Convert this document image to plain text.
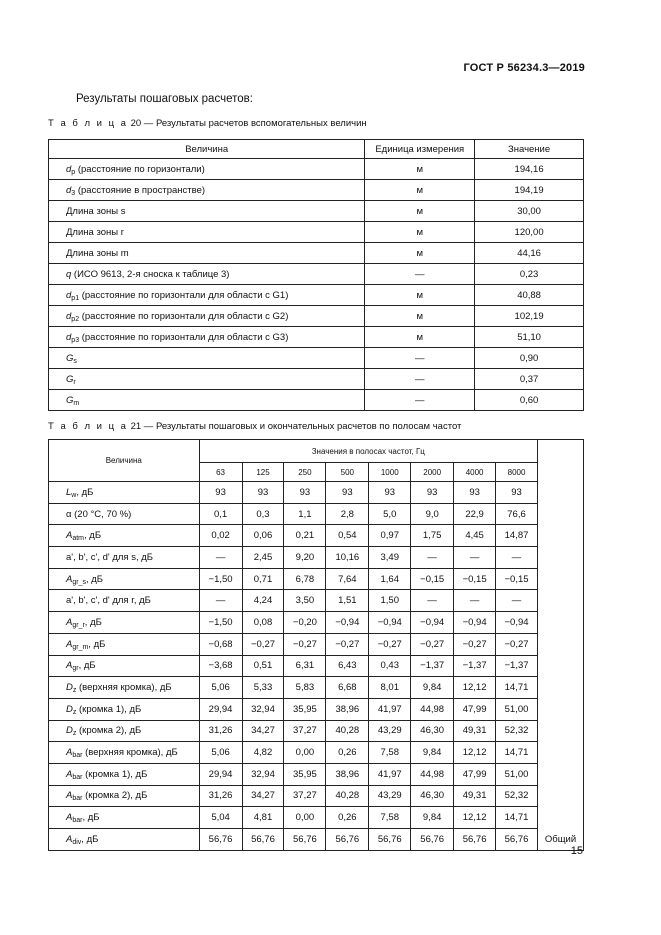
ГОСТ Р 56234.3—2019
Результаты пошаговых расчетов:
Т а б л и ц а 20 — Результаты расчетов вспомогательных величин
Величина	Единица измерения	Значение
$d_p$ (расстояние по горизонтали)	м	194,16
$d_3$ (расстояние в пространстве)	м	194,19
Длина зоны s	м	30,00
Длина зоны r	м	120,00
Длина зоны m	м	44,16
q (ИСО 9613, 2-я сноска к таблице 3)	—	0,23
$d_{p1}$ (расстояние по горизонтали для области с G1)	м	40,88
$d_{p2}$ (расстояние по горизонтали для области с G2)	м	102,19
$d_{p3}$ (расстояние по горизонтали для области с G3)	м	51,10
$G_s$	—	0,90
$G_r$	—	0,37
$G_m$	—	0,60
Т а б л и ц а 21 — Результаты пошаговых и окончательных расчетов по полосам частот
Величина	Значения в полосах частот, Гц								
	63	125	250	500	1000	2000	4000	8000	
$L_w$, дБ	93	93	93	93	93	93	93	93	
α (20 °С, 70 %)	0,1	0,3	1,1	2,8	5,0	9,0	22,9	76,6	
$A_{atm}$, дБ	0,02	0,06	0,21	0,54	0,97	1,75	4,45	14,87	
a', b', c', d' для s, дБ	—	2,45	9,20	10,16	3,49	—	—	—	
$A_{gr\_s}$, дБ	−1,50	0,71	6,78	7,64	1,64	−0,15	−0,15	−0,15	
a', b', c', d' для r, дБ	—	4,24	3,50	1,51	1,50	—	—	—	
$A_{gr\_r}$, дБ	−1,50	0,08	−0,20	−0,94	−0,94	−0,94	−0,94	−0,94	
$A_{gr\_m}$, дБ	−0,68	−0,27	−0,27	−0,27	−0,27	−0,27	−0,27	−0,27	
$A_{gr}$, дБ	−3,68	0,51	6,31	6,43	0,43	−1,37	−1,37	−1,37	
$D_z$ (верхняя кромка), дБ	5,06	5,33	5,83	6,68	8,01	9,84	12,12	14,71	
$D_z$ (кромка 1), дБ	29,94	32,94	35,95	38,96	41,97	44,98	47,99	51,00	
$D_z$ (кромка 2), дБ	31,26	34,27	37,27	40,28	43,29	46,30	49,31	52,32	
$A_{bar}$ (верхняя кромка), дБ	5,06	4,82	0,00	0,26	7,58	9,84	12,12	14,71	
$A_{bar}$ (кромка 1), дБ	29,94	32,94	35,95	38,96	41,97	44,98	47,99	51,00	
$A_{bar}$ (кромка 2), дБ	31,26	34,27	37,27	40,28	43,29	46,30	49,31	52,32	
$A_{bar}$, дБ	5,04	4,81	0,00	0,26	7,58	9,84	12,12	14,71	
$A_{div}$, дБ	56,76	56,76	56,76	56,76	56,76	56,76	56,76	56,76	Общий
15
